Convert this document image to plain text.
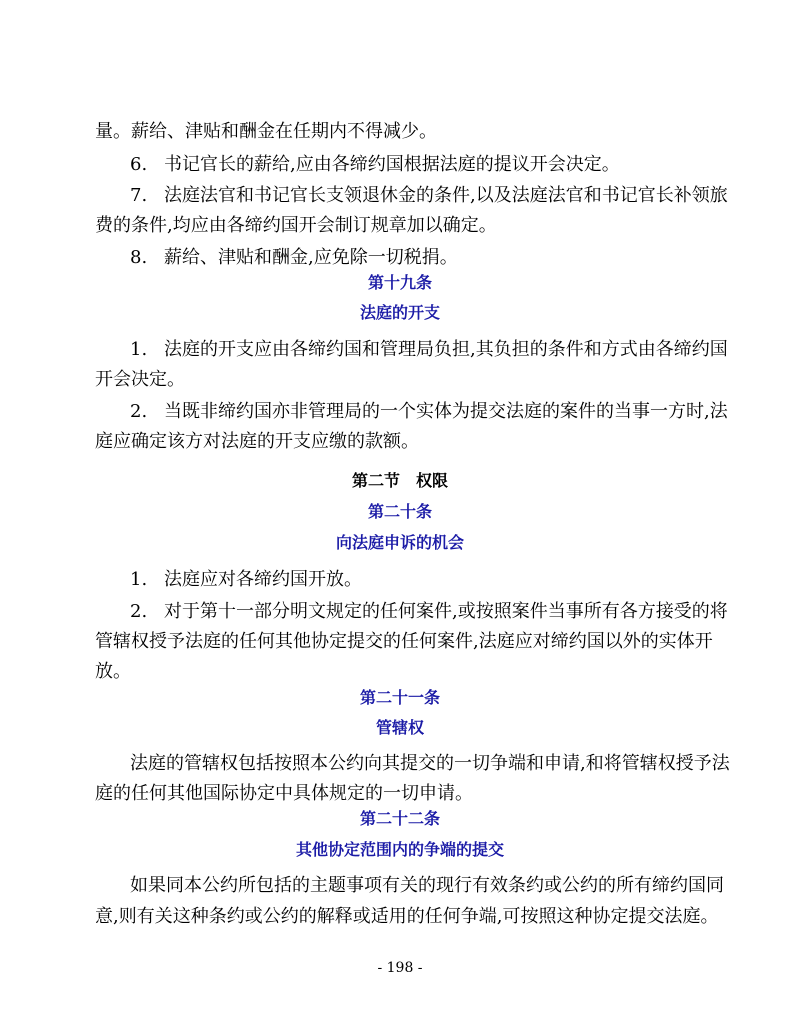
量。薪给、津贴和酬金在任期内不得减少。
6. 书记官长的薪给,应由各缔约国根据法庭的提议开会决定。
7. 法庭法官和书记官长支领退休金的条件,以及法庭法官和书记官长补领旅
费的条件,均应由各缔约国开会制订规章加以确定。
8. 薪给、津贴和酬金,应免除一切税捐。
第十九条
法庭的开支
1. 法庭的开支应由各缔约国和管理局负担,其负担的条件和方式由各缔约国
开会决定。
2. 当既非缔约国亦非管理局的一个实体为提交法庭的案件的当事一方时,法
庭应确定该方对法庭的开支应缴的款额。
第二节　权限
第二十条
向法庭申诉的机会
1. 法庭应对各缔约国开放。
2. 对于第十一部分明文规定的任何案件,或按照案件当事所有各方接受的将
管辖权授予法庭的任何其他协定提交的任何案件,法庭应对缔约国以外的实体开
放。
第二十一条
管辖权
法庭的管辖权包括按照本公约向其提交的一切争端和申请,和将管辖权授予法
庭的任何其他国际协定中具体规定的一切申请。
第二十二条
其他协定范围内的争端的提交
如果同本公约所包括的主题事项有关的现行有效条约或公约的所有缔约国同
意,则有关这种条约或公约的解释或适用的任何争端,可按照这种协定提交法庭。
- 198 -
